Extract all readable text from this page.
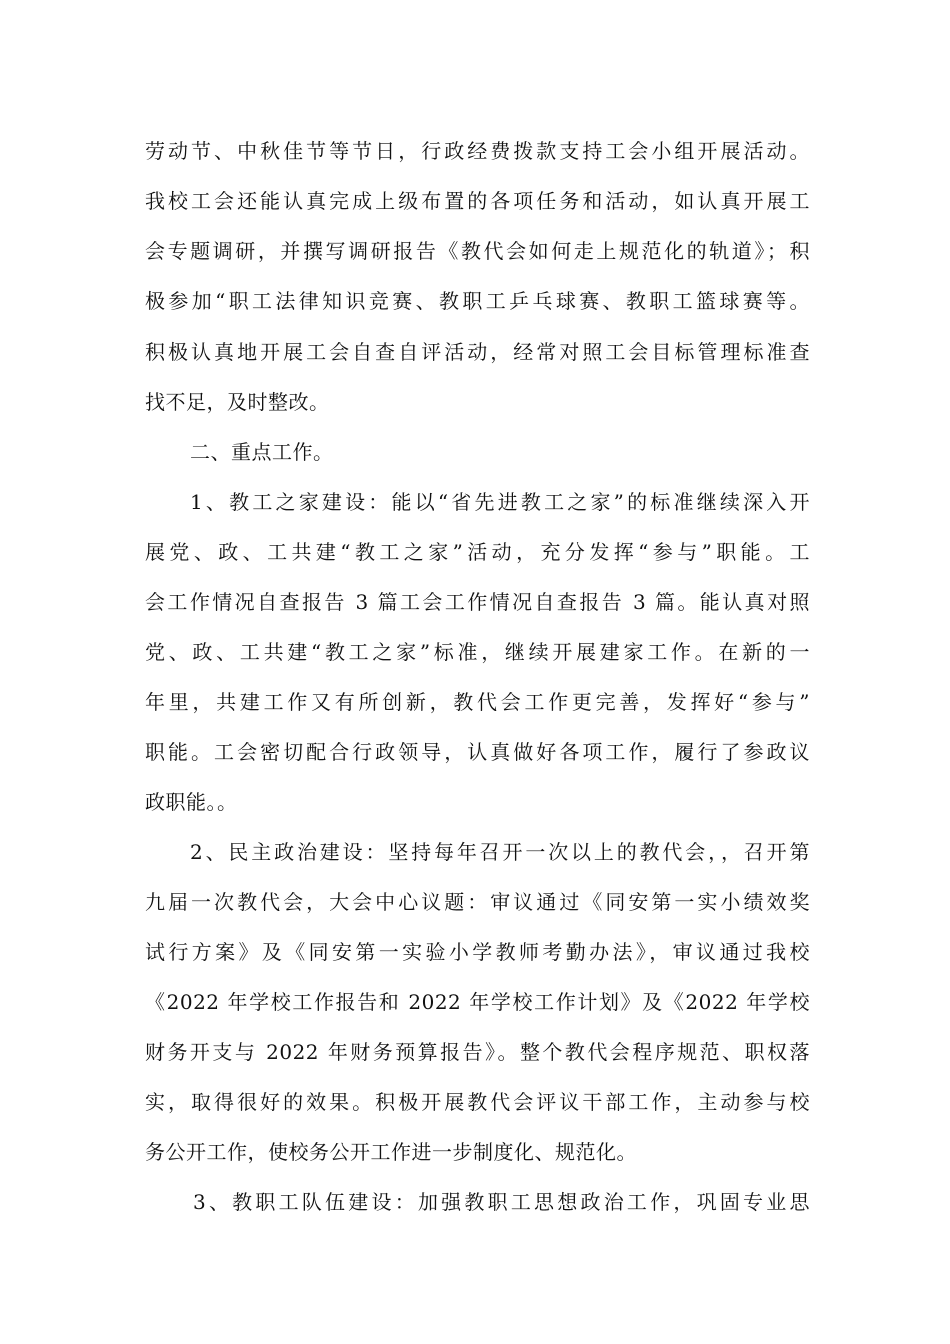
劳动节、中秋佳节等节日，行政经费拨款支持工会小组开展活动。
我校工会还能认真完成上级布置的各项任务和活动，如认真开展工
会专题调研，并撰写调研报告《教代会如何走上规范化的轨道》；积
极参加“职工法律知识竞赛、教职工乒乓球赛、教职工篮球赛等。
积极认真地开展工会自查自评活动，经常对照工会目标管理标准查
找不足，及时整改。
二、重点工作。
1、教工之家建设：能以“省先进教工之家”的标准继续深入开
展党、政、工共建“教工之家”活动，充分发挥“参与”职能。工
会工作情况自查报告 3 篇工会工作情况自查报告 3 篇。能认真对照
党、政、工共建“教工之家”标准，继续开展建家工作。在新的一
年里，共建工作又有所创新，教代会工作更完善，发挥好“参与”
职能。工会密切配合行政领导，认真做好各项工作，履行了参政议
政职能。。
2、民主政治建设：坚持每年召开一次以上的教代会，，召开第
九届一次教代会，大会中心议题：审议通过《同安第一实小绩效奖
试行方案》及《同安第一实验小学教师考勤办法》，审议通过我校
《2022 年学校工作报告和 2022 年学校工作计划》及《2022 年学校
财务开支与 2022 年财务预算报告》。整个教代会程序规范、职权落
实，取得很好的效果。积极开展教代会评议干部工作，主动参与校
务公开工作，使校务公开工作进一步制度化、规范化。
3、教职工队伍建设：加强教职工思想政治工作，巩固专业思
